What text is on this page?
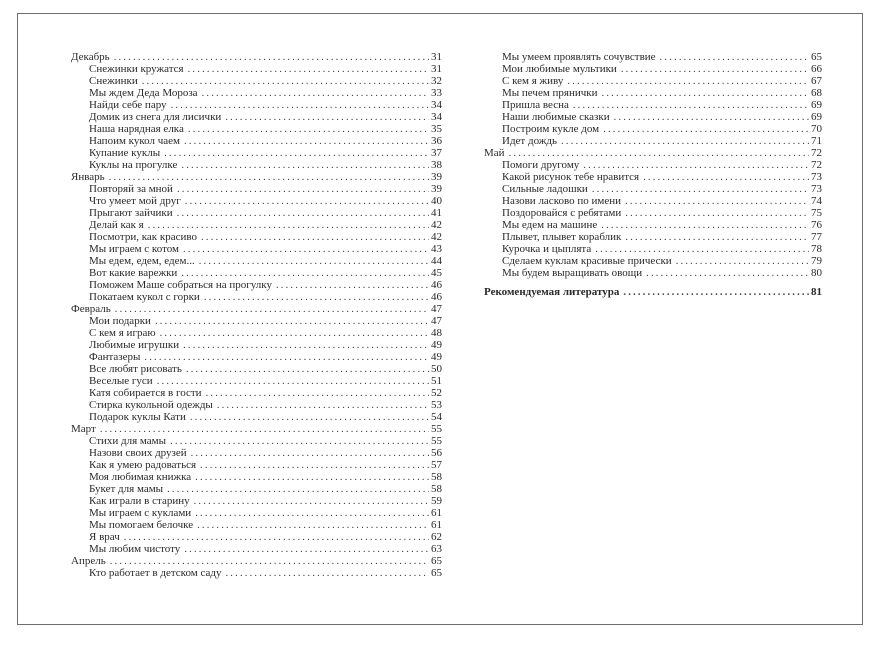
Декабрь .....	31
Снежинки кружатся .....	31
Снежинки .....	32
Мы ждем Деда Мороза .....	33
Найди себе пару .....	34
Домик из снега для лисички .....	34
Наша нарядная елка .....	35
Напоим кукол чаем .....	36
Купание куклы .....	37
Куклы на прогулке .....	38
Январь .....	39
Повторяй за мной .....	39
Что умеет мой друг .....	40
Прыгают зайчики .....	41
Делай как я .....	42
Посмотри, как красиво .....	42
Мы играем с котом .....	43
Мы едем, едем, едем... .....	44
Вот какие варежки .....	45
Поможем Маше собраться на прогулку .....	46
Покатаем кукол с горки .....	46
Февраль .....	47
Мои подарки .....	47
С кем я играю .....	48
Любимые игрушки .....	49
Фантазеры .....	49
Все любят рисовать .....	50
Веселые гуси .....	51
Катя собирается в гости .....	52
Стирка кукольной одежды .....	53
Подарок куклы Кати .....	54
Март .....	55
Стихи для мамы .....	55
Назови своих друзей .....	56
Как я умею радоваться .....	57
Моя любимая книжка .....	58
Букет для мамы .....	58
Как играли в старину .....	59
Мы играем с куклами .....	61
Мы помогаем белочке .....	61
Я врач .....	62
Мы любим чистоту .....	63
Апрель .....	65
Кто работает в детском саду .....	65
Мы умеем проявлять сочувствие .....	65
Мои любимые мультики .....	66
С кем я живу .....	67
Мы печем прянички .....	68
Пришла весна .....	69
Наши любимые сказки .....	69
Построим кукле дом .....	70
Идет дождь .....	71
Май .....	72
Помоги другому .....	72
Какой рисунок тебе нравится .....	73
Сильные ладошки .....	73
Назови ласково по имени .....	74
Поздоровайся с ребятами .....	75
Мы едем на машине .....	76
Плывет, плывет кораблик .....	77
Курочка и цыплята .....	78
Сделаем куклам красивые прически .....	79
Мы будем выращивать овощи .....	80
Рекомендуемая литература .....	81
